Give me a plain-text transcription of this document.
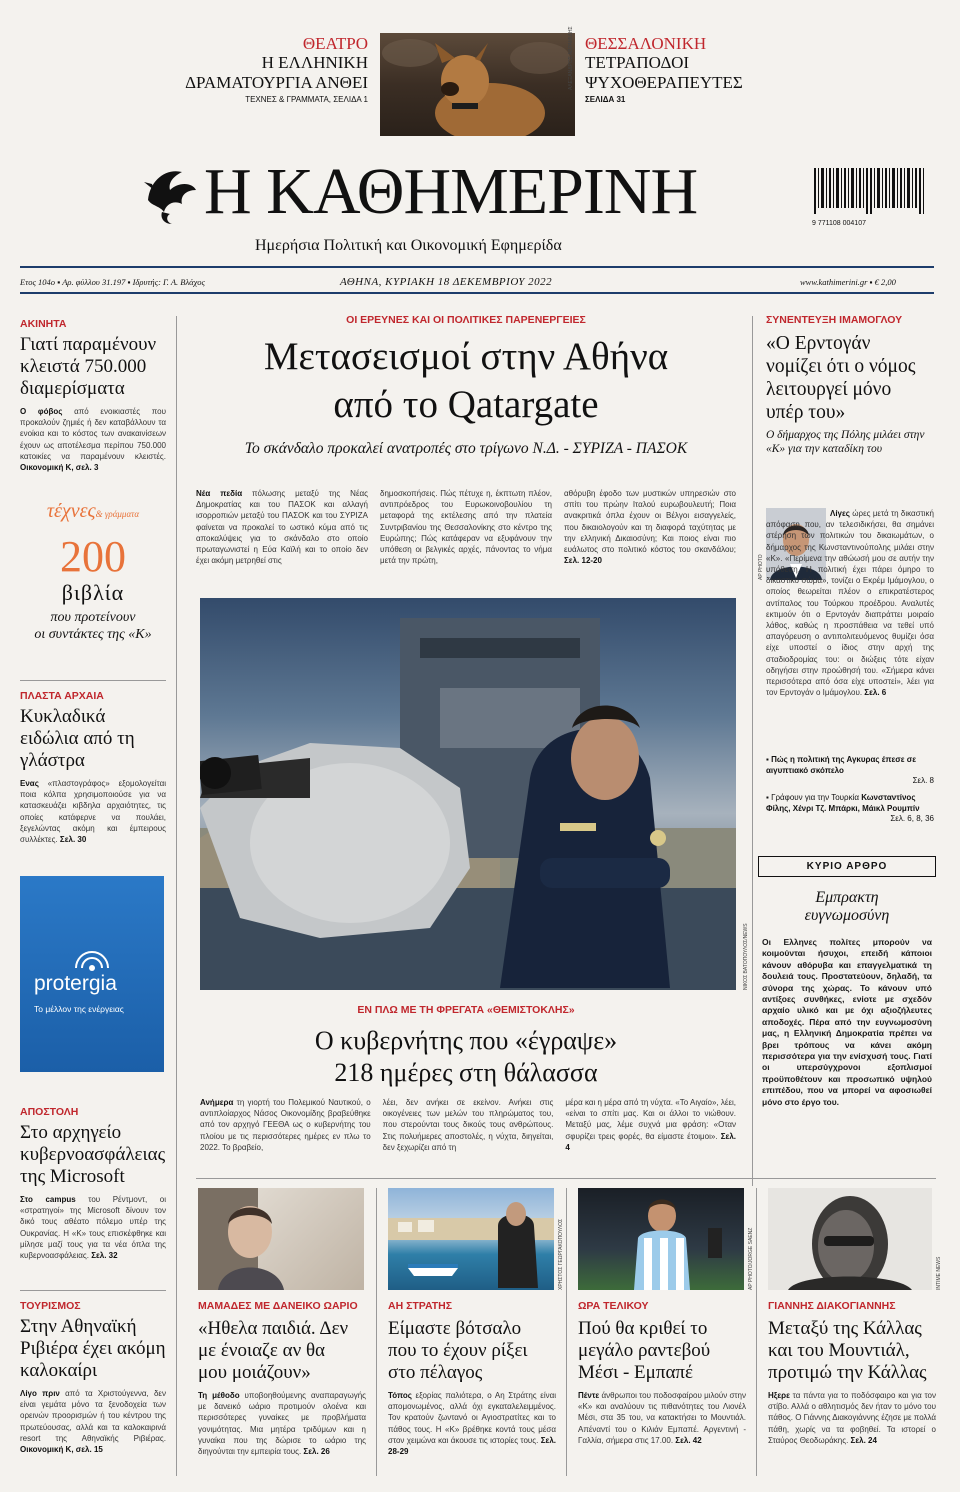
ΘΕΑΤΡΟ
Η ΕΛΛΗΝΙΚΗ
ΔΡΑΜΑΤΟΥΡΓΙΑ ΑΝΘΕΙ
ΤΕΧΝΕΣ & ΓΡΑΜΜΑΤΑ, ΣΕΛΙΔΑ 1
ΑΛΕΞΑΝΔΡΟΣ ΑΒΡΑΜΙΔΗΣ ΘΕΣΣΑΛΟΝΙΚΗ
ΤΕΤΡΑΠΟΔΟΙ
ΨΥΧΟΘΕΡΑΠΕΥΤΕΣ
ΣΕΛΙΔΑ 31
Η ΚΑΘΗΜΕΡΙΝΗ
Ημερήσια Πολιτική και Οικονομική Εφημερίδα
9 771108 004107
Ετος 104ο ▪ Αρ. φύλλου 31.197 ▪ Ιδρυτής: Γ. Α. Βλάχος	ΑΘΗΝΑ, ΚΥΡΙΑΚΗ 18 ΔΕΚΕΜΒΡΙΟΥ 2022	www.kathimerini.gr ▪ € 2,00
ΑΚΙΝΗΤΑ
Γιατί παραμένουν κλειστά 750.000 διαμερίσματα
Ο φόβος από ενοικιαστές που προκαλούν ζημιές ή δεν καταβάλλουν τα ενοίκια και το κόστος των ανακαινίσεων έχουν ως αποτέλεσμα περίπου 750.000 κατοικίες να παραμένουν κλειστές. Οικονομική Κ, σελ. 3
τέχνες& γράμματα
200
βιβλία
που προτείνουν
οι συντάκτες της «Κ»
ΠΛΑΣΤΑ ΑΡΧΑΙΑ
Κυκλαδικά ειδώλια από τη γλάστρα
Ενας «πλαστογράφος» εξομολογείται ποια κόλπα χρησιμοποιούσε για να κατασκευάζει κιβδηλα αρχαιότητες, τις οποίες κατάφερνε να πουλάει, ξεγελώντας ακόμη και έμπειρους συλλέκτες. Σελ. 30
protergia
Το μέλλον της ενέργειας
ΑΠΟΣΤΟΛΗ
Στο αρχηγείο κυβερνοασφάλειας της Microsoft
Στο campus του Ρέντμοντ, οι «στρατηγοί» της Microsoft δίνουν τον δικό τους αθέατο πόλεμο υπέρ της Ουκρανίας. Η «Κ» τους επισκέφθηκε και μίλησε μαζί τους για τα νέα όπλα της κυβερνοασφάλειας. Σελ. 32
ΤΟΥΡΙΣΜΟΣ
Στην Αθηναϊκή Ριβιέρα έχει ακόμη καλοκαίρι
Λίγο πριν από τα Χριστούγεννα, δεν είναι γεμάτα μόνο τα ξενοδοχεία των ορεινών προορισμών ή του κέντρου της πρωτεύουσας, αλλά και τα καλοκαιρινά resort της Αθηναϊκής Ριβιέρας. Οικονομική Κ, σελ. 15
ΟΙ ΕΡΕΥΝΕΣ ΚΑΙ ΟΙ ΠΟΛΙΤΙΚΕΣ ΠΑΡΕΝΕΡΓΕΙΕΣ
Μετασεισμοί στην Αθήνα
από το Qatargate
Το σκάνδαλο προκαλεί ανατροπές στο τρίγωνο Ν.Δ. - ΣΥΡΙΖΑ - ΠΑΣΟΚ
Νέα πεδία πόλωσης μεταξύ της Νέας Δημοκρατίας και του ΠΑΣΟΚ και αλλαγή ισορροπιών μεταξύ του ΠΑΣΟΚ και του ΣΥΡΙΖΑ φαίνεται να προκαλεί το ωστικό κύμα από τις αποκαλύψεις για το σκάνδαλο στο οποίο πρωταγωνιστεί η Εύα Καϊλή και το οποίο δεν έχει ακόμη μετρηθεί στις
δημοσκοπήσεις. Πώς πέτυχε η, έκπτωτη πλέον, αντιπρόεδρος του Ευρωκοινοβουλίου τη μεταφορά της εκτέλεσης από την πλατεία Συντριβανίου της Θεσσαλονίκης στο κέντρο της Ευρώπης; Πώς κατάφεραν να εξυφάνουν την υπόθεση οι βελγικές αρχές, πάνοντας το νήμα μετά την πρώτη,
αθόρυβη έφοδο των μυστικών υπηρεσιών στο σπίτι του πρώην Ιταλού ευρωβουλευτή; Ποια ανακριτικά όπλα έχουν οι Βέλγοι εισαγγελείς, που δικαιολογούν και τη διαφορά ταχύτητας με την ελληνική Δικαιοσύνη; Και ποιος είναι πιο ευάλωτος στο πολιτικό κόστος του σκανδάλου; Σελ. 12-20
ΝΙΚΟΣ ΒΑΤΟΠΟΥΛΟΣ/NEWS
ΕΝ ΠΛΩ ΜΕ ΤΗ ΦΡΕΓΑΤΑ «ΘΕΜΙΣΤΟΚΛΗΣ»
Ο κυβερνήτης που «έγραψε»
218 ημέρες στη θάλασσα
Ανήμερα τη γιορτή του Πολεμικού Ναυτικού, ο αντιπλοίαρχος Νάσος Οικονομίδης βραβεύθηκε από τον αρχηγό ΓΕΕΘΑ ως ο κυβερνήτης του πλοίου με τις περισσότερες ημέρες εν πλω το 2022. Το βραβείο,
λέει, δεν ανήκει σε εκείνον. Ανήκει στις οικογένειες των μελών του πληρώματος του, που στερούνται τους δικούς τους ανθρώπους. Στις πολυήμερες αποστολές, η νύχτα, διηγείται, δεν ξεχωρίζει από τη
μέρα και η μέρα από τη νύχτα. «Το Αιγαίο», λέει, «είναι το σπίτι μας. Και οι άλλοι το νιώθουν. Μεταξύ μας, λέμε συχνά μια φράση: «Οταν σφυρίζει τρεις φορές, θα είμαστε έτοιμοι». Σελ. 4
ΣΥΝΕΝΤΕΥΞΗ ΙΜΑΜΟΓΛΟΥ
«Ο Ερντογάν νομίζει ότι ο νόμος λειτουργεί μόνο υπέρ του»
Ο δήμαρχος της Πόλης μιλάει στην «Κ» για την καταδίκη του
AP PHOTO
Λίγες ώρες μετά τη δικαστική απόφαση που, αν τελεσιδικήσει, θα σημάνει στέρηση των πολιτικών του δικαιωμάτων, ο δήμαρχος της Κωνσταντινούπολης μιλάει στην «Κ». «Περίμενα την αθώωσή μου σε αυτήν την υπόθεση. Η πολιτική έχει πάρει όμηρο το δικαστικό σώμα», τονίζει ο Εκρέμ Ιμάμογλου, ο οποίος θεωρείται πλέον ο επικρατέστερος αντίπαλος του Τούρκου προέδρου. Αναλυτές εκτιμούν ότι ο Ερντογάν διαπράττει μοιραίο λάθος, καθώς η προσπάθεια να τεθεί υπό απαγόρευση ο αντιπολιτευόμενος θυμίζει όσα είχε υποστεί ο ίδιος στην αρχή της σταδιοδρομίας του: οι διώξεις τότε είχαν οδηγήσει στην προώθησή του. «Σήμερα κάνει περισσότερα από όσα είχε υποστεί», λέει για τον Ερντογάν ο Ιμάμογλου. Σελ. 6
▪ Πώς η πολιτική της Αγκυρας έπεσε σε αιγυπτιακό σκόπελο
Σελ. 8
▪ Γράφουν για την Τουρκία Κωνσταντίνος Φίλης, Χένρι Τζ. Μπάρκι, Μάικλ Ρουμπίν
Σελ. 6, 8, 36
ΚΥΡΙΟ ΑΡΘΡΟ
Εμπρακτη
ευγνωμοσύνη
Οι Ελληνες πολίτες μπορούν να κοιμούνται ήσυχοι, επειδή κάποιοι κάνουν αθόρυβα και επαγγελματικά τη δουλειά τους. Προστατεύουν, δηλαδή, τα σύνορα της χώρας. Το κάνουν υπό αντίξοες συνθήκες, ενίοτε με σχεδόν αρχαίο υλικό και με όχι αξιοζήλευτες αποδοχές. Πέρα από την ευγνωμοσύνη μας, η Ελληνική Δημοκρατία πρέπει να βρει τρόπους να κάνει ακόμη περισσότερα για την ενίσχυσή τους. Γιατί οι υπερσύγχρονοι εξοπλισμοί προϋποθέτουν και προσωπικό υψηλού επιπέδου, που να μπορεί να αφοσιωθεί μόνο στο έργο του.
ΧΡΗΣΤΟΣ ΓΕΩΡΓΑΚΟΠΟΥΛΟΣ	AP PHOTO/JORGE SAENZ	INTIME NEWS
ΜΑΜΑΔΕΣ ΜΕ ΔΑΝΕΙΚΟ ΩΑΡΙΟ
«Ηθελα παιδιά. Δεν με ένοιαζε αν θα μου μοιάζουν»
Τη μέθοδο υποβοηθούμενης αναπαραγωγής με δανεικό ωάριο προτιμούν ολοένα και περισσότερες γυναίκες με προβλήματα γονιμότητας. Μια μητέρα τριδύμων και η γυναίκα που της δώρισε το ωάριο της διηγούνται την εμπειρία τους. Σελ. 26
ΑΗ ΣΤΡΑΤΗΣ
Είμαστε βότσαλο που το έχουν ρίξει στο πέλαγος
Τόπος εξορίας παλιότερα, ο Αη Στράτης είναι απομονωμένος, αλλά όχι εγκαταλελειμμένος. Τον κρατούν ζωντανό οι Αγιοστρατίτες και το πάθος τους. Η «Κ» βρέθηκε κοντά τους μέσα στον χειμώνα και άκουσε τις ιστορίες τους. Σελ. 28-29
ΩΡΑ ΤΕΛΙΚΟΥ
Πού θα κριθεί το μεγάλο ραντεβού Μέσι - Εμπαπέ
Πέντε άνθρωποι του ποδοσφαίρου μιλούν στην «Κ» και αναλύουν τις πιθανότητες του Λιονέλ Μέσι, στα 35 του, να κατακτήσει το Μουντιάλ. Απέναντί του ο Κιλιάν Εμπαπέ. Αργεντινή - Γαλλία, σήμερα στις 17.00. Σελ. 42
ΓΙΑΝΝΗΣ ΔΙΑΚΟΓΙΑΝΝΗΣ
Μεταξύ της Κάλλας και του Μουντιάλ, προτιμώ την Κάλλας
Ηξερε τα πάντα για το ποδόσφαιρο και για τον στίβο. Αλλά ο αθλητισμός δεν ήταν το μόνο του πάθος. Ο Γιάννης Διακογιάννης έζησε με πολλά πάθη, χωρίς να τα φοβηθεί. Τα ιστορεί ο Σταύρος Θεοδωράκης. Σελ. 24
